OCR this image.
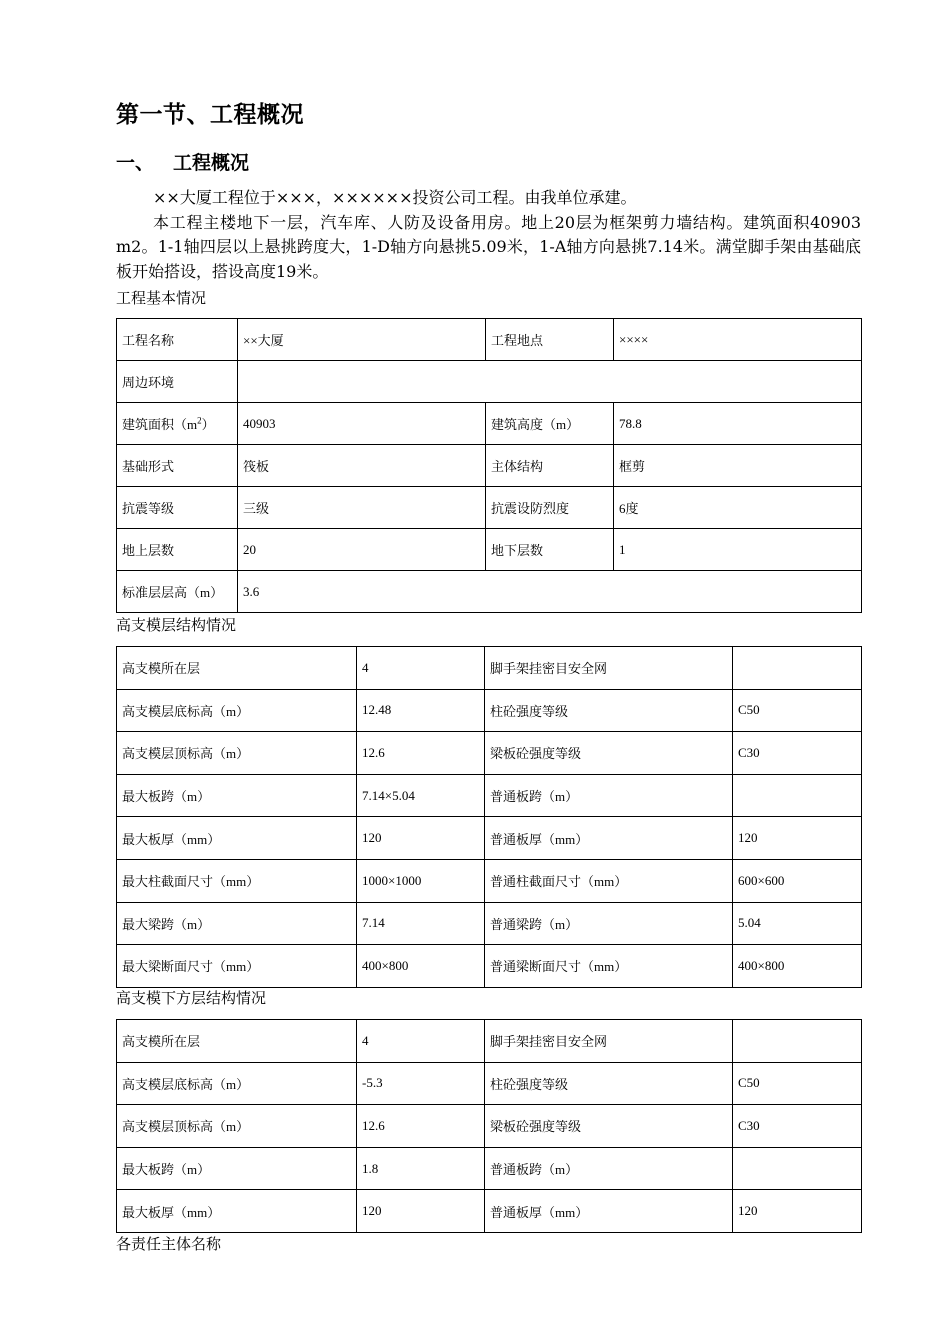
第一节、工程概况
一、 工程概况

××大厦工程位于×××，××××××投资公司工程。由我单位承建。

本工程主楼地下一层，汽车库、人防及设备用房。地上20层为框架剪力墙结构。建筑面积40903 m2。1-1轴四层以上悬挑跨度大，1-D轴方向悬挑5.09米，1-A轴方向悬挑7.14米。满堂脚手架由基础底板开始搭设，搭设高度19米。

工程基本情况
工程名称	××大厦	工程地点	××××
周边环境			
建筑面积$(m^2)$	40903	建筑高度（m）	78.8
基础形式	筏板	主体结构	框剪
抗震等级	三级	抗震设防烈度	6度
地上层数	20	地下层数	1
标准层层高（m）	3.6		
高支模层结构情况
高支模所在层	4	脚手架挂密目安全网	
高支模层底标高（m）	12.48	柱砼强度等级	C50
高支模层顶标高（m）	12.6	梁板砼强度等级	C30
最大板跨（m）	7.14×5.04	普通板跨（m）	
最大板厚（mm）	120	普通板厚（mm）	120
最大柱截面尺寸（mm）	1000×1000	普通柱截面尺寸（mm）	600×600
最大梁跨（m）	7.14	普通梁跨（m）	5.04
最大梁断面尺寸（mm）	400×800	普通梁断面尺寸（mm）	400×800
高支模下方层结构情况
高支模所在层	4	脚手架挂密目安全网	
高支模层底标高（m）	-5.3	柱砼强度等级	C50
高支模层顶标高（m）	12.6	梁板砼强度等级	C30
最大板跨（m）	1.8	普通板跨（m）	
最大板厚（mm）	120	普通板厚（mm）	120
各责任主体名称
